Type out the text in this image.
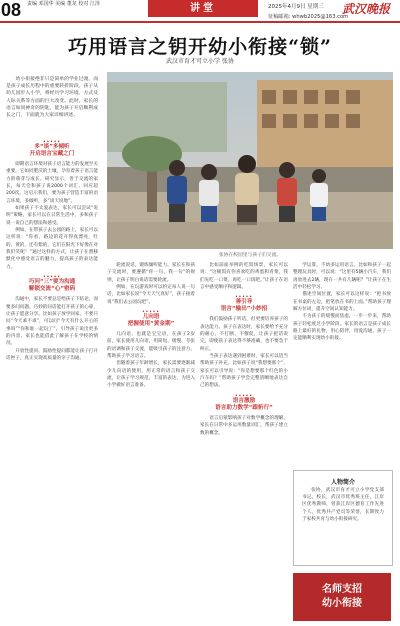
08 责编 邓国华 美编 董龙 校对 江泽	讲堂	2025年4月9日 星期三 武汉晚报
征稿邮箱: whwb2025@163.com
巧用语言之钥开幼小衔接“锁”
武汉市育才可立小学 张协
幼小衔接绝非只是简单的学业过渡，而是孩子成长历程中的重要转折阶段。孩子从幼儿园步入小学，将经历学习环境、方式及人际关系等方面的巨大改变。此时，家长的语言如同神奇的钥匙，能为孩子开启顺利成长之门，下面就为大家详细讲述。
•••••
多“谈”多倾听
开启语言宝藏之门

即期语言环境对孩子语言能力的发展至关重要，它如同肥沃的土壤，孕育着孩子语言能力的萌芽与成长。研究显示，善于交流的家长，每天会和孩子说2000个词汇，回应超200次。这启示我们，要为孩子营造丰富的语言环境，多倾听，多“谈天说地”。

如果孩子不太爱表达，家长可以尝试“说明”策略，家长可以在日常生活中，多和孩子说一说自己的想法和感受。

例如，在带孩子去公园的路上，家长可以这样说：“你看，路边的花开得真漂亮，红的、黄的，还有紫的，它们在阳光下好像在对我们笑呢！”通过这样的方式，让孩子在潜移默化中感受语言的魅力，提高孩子的表达能力。

•••••
巧问“三”要为沟通
解锁交流“心”密码

沟通中，家长不要总是给孩子下结论，而要多问问题。巧妙的问话能打开孩子的心扉，让孩子愿意分享。比如孩子放学回家，不要只问“今天乖不乖”，可以问“今天有什么开心的事吗”“你和谁一起玩了”，引导孩子说出更多的内容，家长也能借此了解孩子在学校的情况。

开放性提问、鼓励性提问都能让孩子打开话匣子，真正实现高质量的亲子沟通。

张协在校园里与孩子们交流。

轮流说话，锻炼倾听能力。家长在和孩子交流时，要遵循“你一句、我一句”的规则，让孩子明白说话需要轮流。

例如，在玩游戏时可以约定每人说一句话，比如家长说“今天天气真好”，孩子接着说“我们去公园玩吧”。

•••••
儿向语
把握使用“黄金期”

儿向语，也就是宝宝语，在孩子2岁前，家长使用儿向语，用简短、缓慢、夸张的语调和孩子交流，能吸引孩子的注意力，帮助孩子学习语言。

但随着孩子年龄增长，家长需要逐渐减少儿向语的使用，用正常的语言和孩子交流，让孩子学习规范、丰富的表达，为进入小学做好语言准备。

比如前面举例的吃饭场景，家长可以说：“这顿饭有你喜欢吃的鸡蛋和青菜，我们先吃一口菜，再吃一口饭吧。”让孩子在语言中感受顺序和逻辑。

•••••
善引导
语言“输出”小妙招

我们鼓励孩子听话，但更要培养孩子的表达能力。孩子在表达时，家长要给予充分的耐心，不打断、不催促，让孩子把话说完，即使孩子表达得不够准确，也不要急于纠正。

当孩子表达遇到困难时，家长可以适当帮助孩子补充。比如孩子说“我想要那个”，家长可以引导说：“你是想要那个红色的小汽车吗？”帮助孩子学会完整清晰地表达自己的想法。

•••••
语言激励
语言助力数学“跟斩行”

语言启蒙影响孩子对数学概念的理解，家长在日常中多运用数量词汇，帮孩子建立数的概念。

学运算，不妨多运用语言。比如和孩子一起整理玩具时，可以说：“这里有5辆小汽车，我们再放进去2辆，现在一共有几辆呢？”让孩子在生活中轻松学习。

描述空间位置，家长可以这样说：“把书放在书桌的左边，把笔放在书的上面。”帮助孩子理解方位词，提升空间认知能力。

不为孩子的缓慢而焦虑，一步一步来，帮助孩子轻松度过小学阶段。家长的语言是孩子成长路上最好的礼物，用心陪伴，用爱沟通，孩子一定能顺利实现幼小衔接。

人物简介
张协，武汉市育才可立小学党支部书记、校长，武汉市优秀班主任，江岸区优秀教师，曾获江岸区德育工作先进个人、优秀共产党员等荣誉，长期致力于家校共育与幼小衔接研究。
名师支招
幼小衔接
